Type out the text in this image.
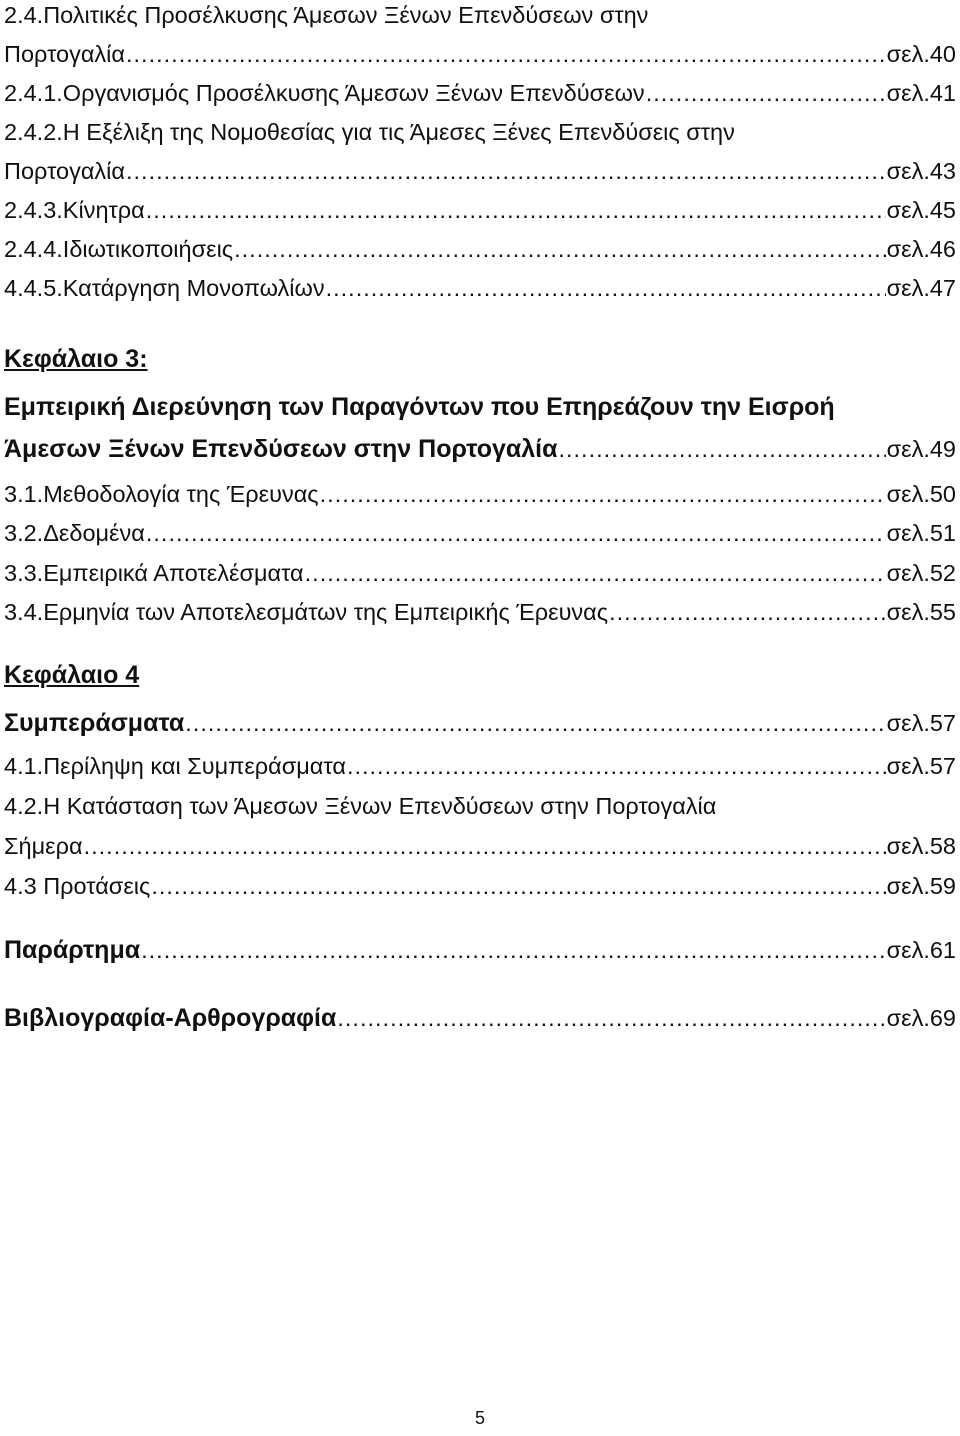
2.4.Πολιτικές Προσέλκυσης Άμεσων Ξένων Επενδύσεων στην
Πορτογαλία .....	σελ.40
2.4.1.Οργανισμός Προσέλκυσης Άμεσων Ξένων Επενδύσεων .....	σελ.41
2.4.2.Η Εξέλιξη της Νομοθεσίας για τις Άμεσες Ξένες Επενδύσεις στην
Πορτογαλία .....	σελ.43
2.4.3.Κίνητρα .....	σελ.45
2.4.4.Ιδιωτικοποιήσεις .....	σελ.46
4.4.5.Κατάργηση Μονοπωλίων .....	σελ.47
Κεφάλαιο 3:
Εμπειρική Διερεύνηση των Παραγόντων που Επηρεάζουν την Εισροή
Άμεσων Ξένων Επενδύσεων στην Πορτογαλία .....	σελ.49
3.1.Μεθοδολογία της Έρευνας .....	σελ.50
3.2.Δεδομένα .....	σελ.51
3.3.Εμπειρικά Αποτελέσματα .....	σελ.52
3.4.Ερμηνία των Αποτελεσμάτων της Εμπειρικής Έρευνας .....	σελ.55
Κεφάλαιο 4
Συμπεράσματα .....	σελ.57
4.1.Περίληψη και Συμπεράσματα .....	σελ.57
4.2.Η Κατάσταση των Άμεσων Ξένων Επενδύσεων στην Πορτογαλία
Σήμερα .....	σελ.58
4.3 Προτάσεις .....	σελ.59
Παράρτημα .....	σελ.61
Βιβλιογραφία-Αρθρογραφία .....	σελ.69
5
